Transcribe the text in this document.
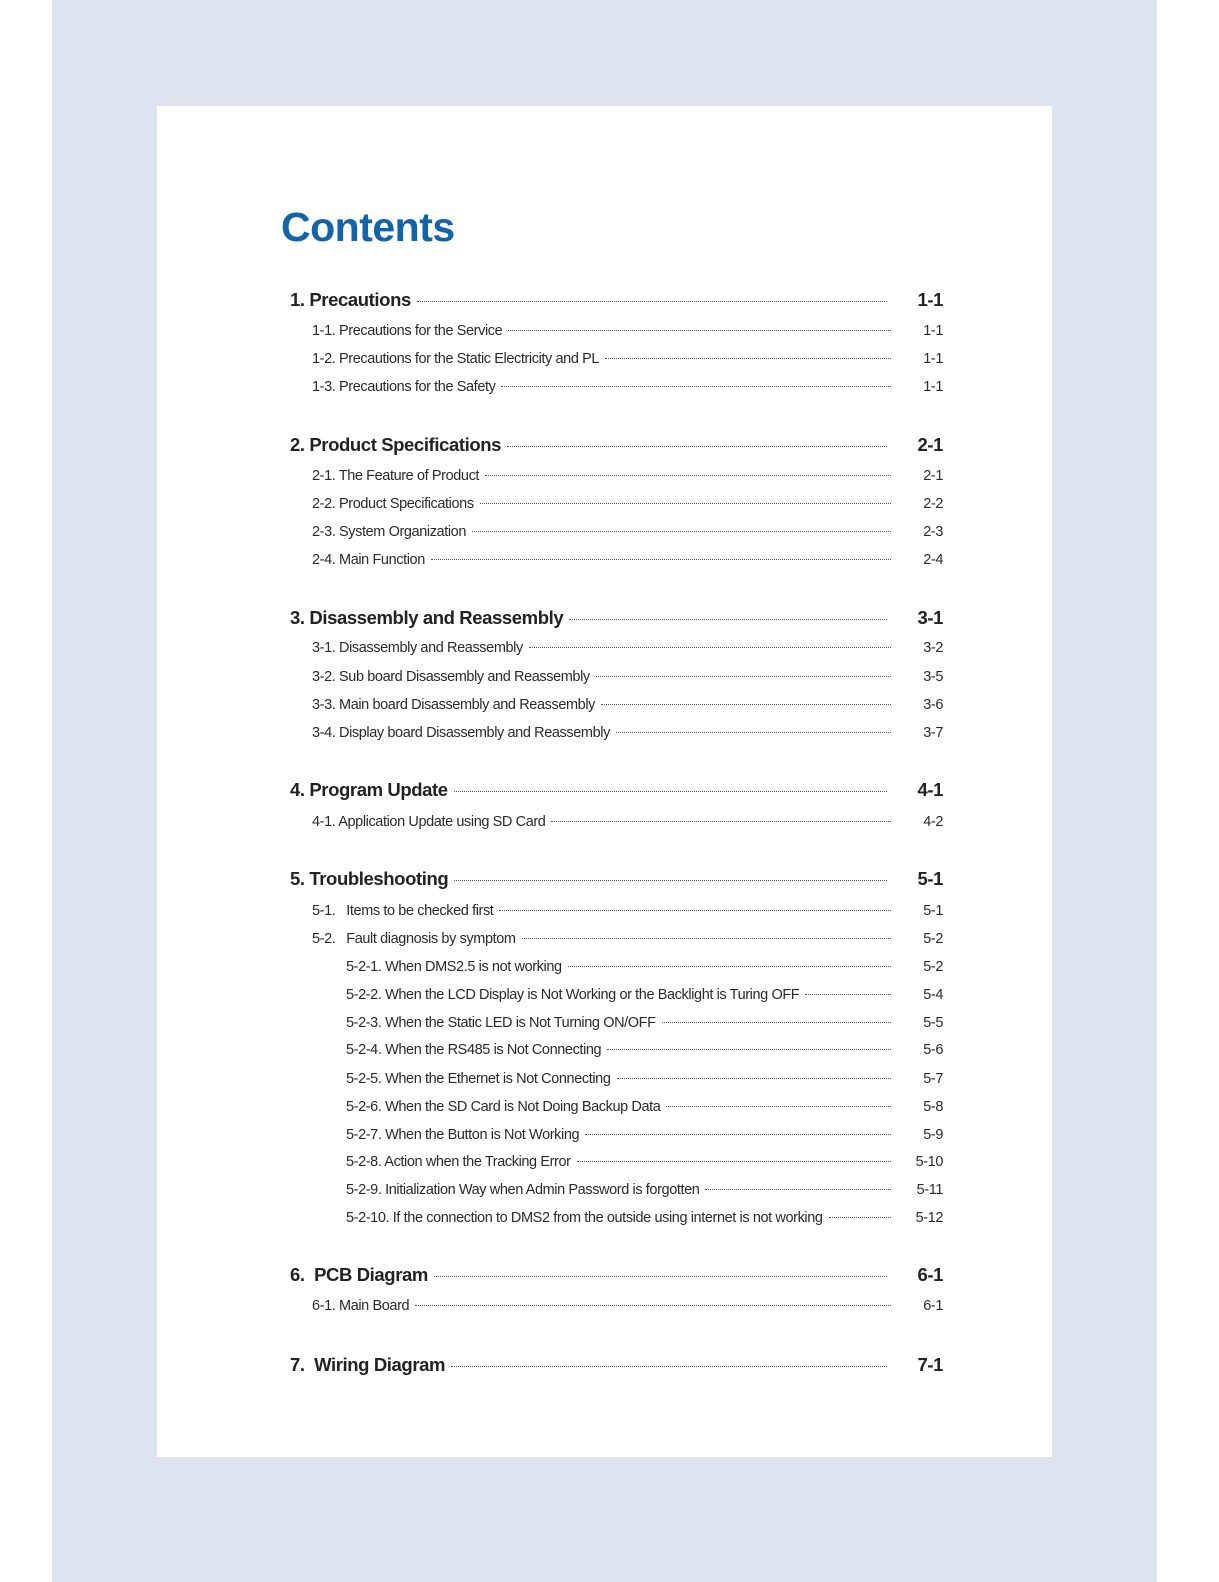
Contents
1. Precautions	1-1
1-1. Precautions for the Service	1-1
1-2. Precautions for the Static Electricity and PL	1-1
1-3. Precautions for the Safety	1-1
2. Product Specifications	2-1
2-1. The Feature of Product	2-1
2-2. Product Specifications	2-2
2-3. System Organization	2-3
2-4. Main Function	2-4
3. Disassembly and Reassembly	3-1
3-1. Disassembly and Reassembly	3-2
3-2. Sub board Disassembly and Reassembly	3-5
3-3. Main board Disassembly and Reassembly	3-6
3-4. Display board Disassembly and Reassembly	3-7
4. Program Update	4-1
4-1. Application Update using SD Card	4-2
5. Troubleshooting	5-1
5-1.   Items to be checked first	5-1
5-2.   Fault diagnosis by symptom	5-2
5-2-1. When DMS2.5 is not working	5-2
5-2-2. When the LCD Display is Not Working or the Backlight is Turing OFF	5-4
5-2-3. When the Static LED is Not Turning ON/OFF	5-5
5-2-4. When the RS485 is Not Connecting	5-6
5-2-5. When the Ethernet is Not Connecting	5-7
5-2-6. When the SD Card is Not Doing Backup Data	5-8
5-2-7. When the Button is Not Working	5-9
5-2-8. Action when the Tracking Error	5-10
5-2-9. Initialization Way when Admin Password is forgotten	5-11
5-2-10. If the connection to DMS2 from the outside using internet is not working	5-12
6.  PCB Diagram	6-1
6-1. Main Board	6-1
7.  Wiring Diagram	7-1
